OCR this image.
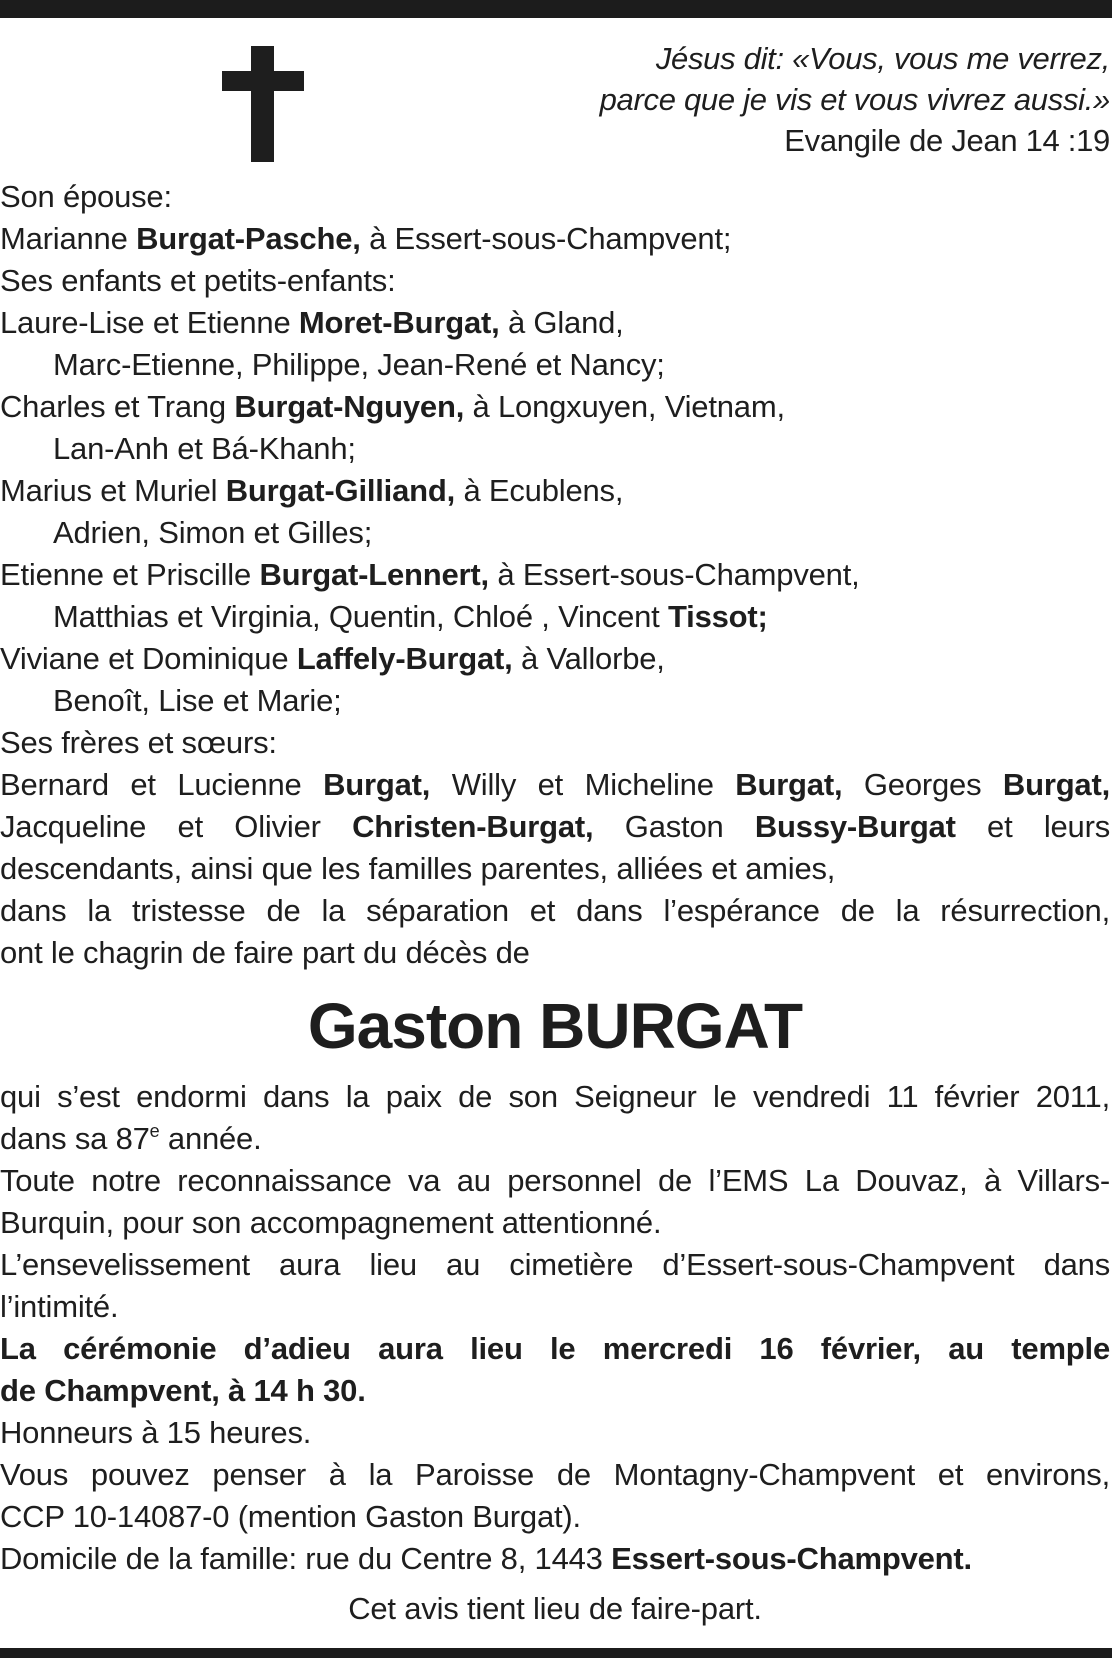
Jésus dit: «Vous, vous me verrez,
parce que je vis et vous vivrez aussi.»
Evangile de Jean 14 :19
Son épouse:
Marianne Burgat-Pasche, à Essert-sous-Champvent;
Ses enfants et petits-enfants:
Laure-Lise et Etienne Moret-Burgat, à Gland,
Marc-Etienne, Philippe, Jean-René et Nancy;
Charles et Trang Burgat-Nguyen, à Longxuyen, Vietnam,
Lan-Anh et Bá-Khanh;
Marius et Muriel Burgat-Gilliand, à Ecublens,
Adrien, Simon et Gilles;
Etienne et Priscille Burgat-Lennert, à Essert-sous-Champvent,
Matthias et Virginia, Quentin, Chloé , Vincent Tissot;
Viviane et Dominique Laffely-Burgat, à Vallorbe,
Benoît, Lise et Marie;
Ses frères et sœurs:
Bernard et Lucienne Burgat, Willy et Micheline Burgat, Georges Burgat,
Jacqueline et Olivier Christen-Burgat, Gaston Bussy-Burgat et leurs
descendants, ainsi que les familles parentes, alliées et amies,
dans la tristesse de la séparation et dans l’espérance de la résurrection,
ont le chagrin de faire part du décès de
Gaston BURGAT
qui s’est endormi dans la paix de son Seigneur le vendredi 11 février 2011,
dans sa 87e année.
Toute notre reconnaissance va au personnel de l’EMS La Douvaz, à Villars-
Burquin, pour son accompagnement attentionné.
L’ensevelissement aura lieu au cimetière d’Essert-sous-Champvent dans
l’intimité.
La cérémonie d’adieu aura lieu le mercredi 16 février, au temple
de Champvent, à 14 h 30.
Honneurs à 15 heures.
Vous pouvez penser à la Paroisse de Montagny-Champvent et environs,
CCP 10-14087-0 (mention Gaston Burgat).
Domicile de la famille: rue du Centre 8, 1443 Essert-sous-Champvent.
Cet avis tient lieu de faire-part.
